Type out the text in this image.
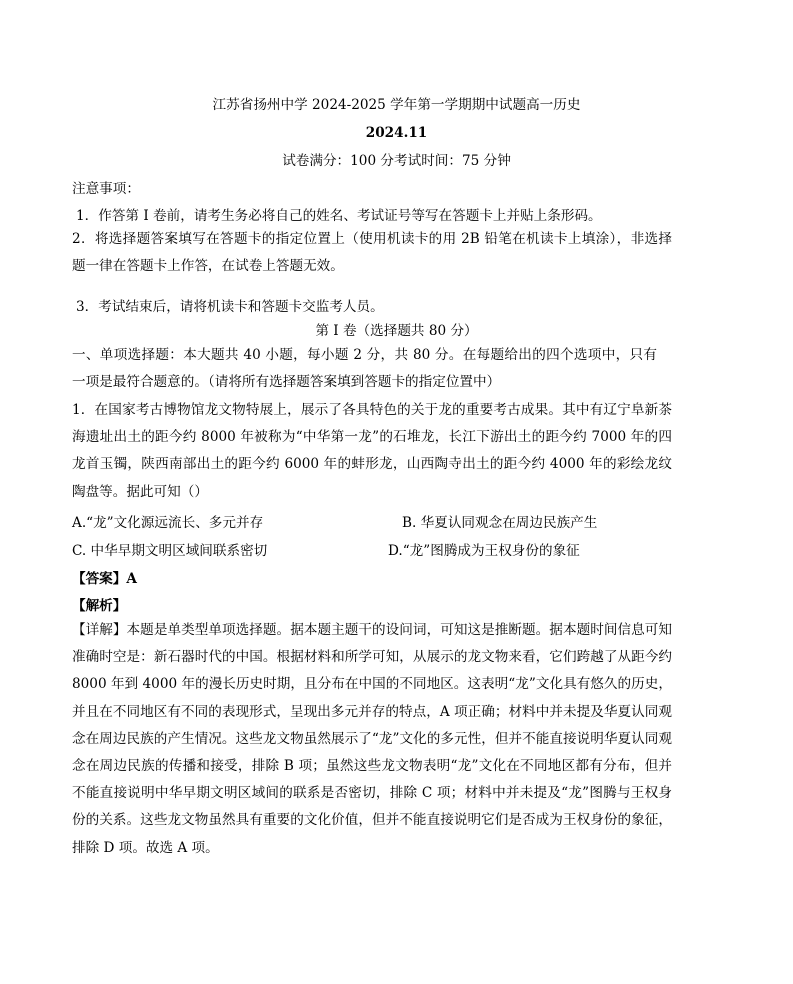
江苏省扬州中学 2024-2025 学年第一学期期中试题高一历史
2024.11
试卷满分：100 分考试时间：75 分钟
注意事项：
1．作答第 I 卷前，请考生务必将自己的姓名、考试证号等写在答题卡上并贴上条形码。
2．将选择题答案填写在答题卡的指定位置上（使用机读卡的用 2B 铅笔在机读卡上填涂），非选择题一律在答题卡上作答，在试卷上答题无效。
3．考试结束后，请将机读卡和答题卡交监考人员。
第 I 卷（选择题共 80 分）
一、单项选择题：本大题共 40 小题，每小题 2 分，共 80 分。在每题给出的四个选项中，只有一项是最符合题意的。（请将所有选择题答案填到答题卡的指定位置中）
1．在国家考古博物馆龙文物特展上，展示了各具特色的关于龙的重要考古成果。其中有辽宁阜新茶海遗址出土的距今约 8000 年被称为“中华第一龙”的石堆龙，长江下游出土的距今约 7000 年的四龙首玉镯，陕西南部出土的距今约 6000 年的蚌形龙，山西陶寺出土的距今约 4000 年的彩绘龙纹陶盘等。据此可知（）
A.“龙”文化源远流长、多元并存	B. 华夏认同观念在周边民族产生
C. 中华早期文明区域间联系密切	D.“龙”图腾成为王权身份的象征
【答案】A
【解析】
【详解】本题是单类型单项选择题。据本题主题干的设问词，可知这是推断题。据本题时间信息可知准确时空是：新石器时代的中国。根据材料和所学可知，从展示的龙文物来看，它们跨越了从距今约 8000 年到 4000 年的漫长历史时期，且分布在中国的不同地区。这表明“龙”文化具有悠久的历史，并且在不同地区有不同的表现形式，呈现出多元并存的特点，A 项正确；材料中并未提及华夏认同观念在周边民族的产生情况。这些龙文物虽然展示了“龙”文化的多元性，但并不能直接说明华夏认同观念在周边民族的传播和接受，排除 B 项；虽然这些龙文物表明“龙”文化在不同地区都有分布，但并不能直接说明中华早期文明区域间的联系是否密切，排除 C 项；材料中并未提及“龙”图腾与王权身份的关系。这些龙文物虽然具有重要的文化价值，但并不能直接说明它们是否成为王权身份的象征，排除 D 项。故选 A 项。
